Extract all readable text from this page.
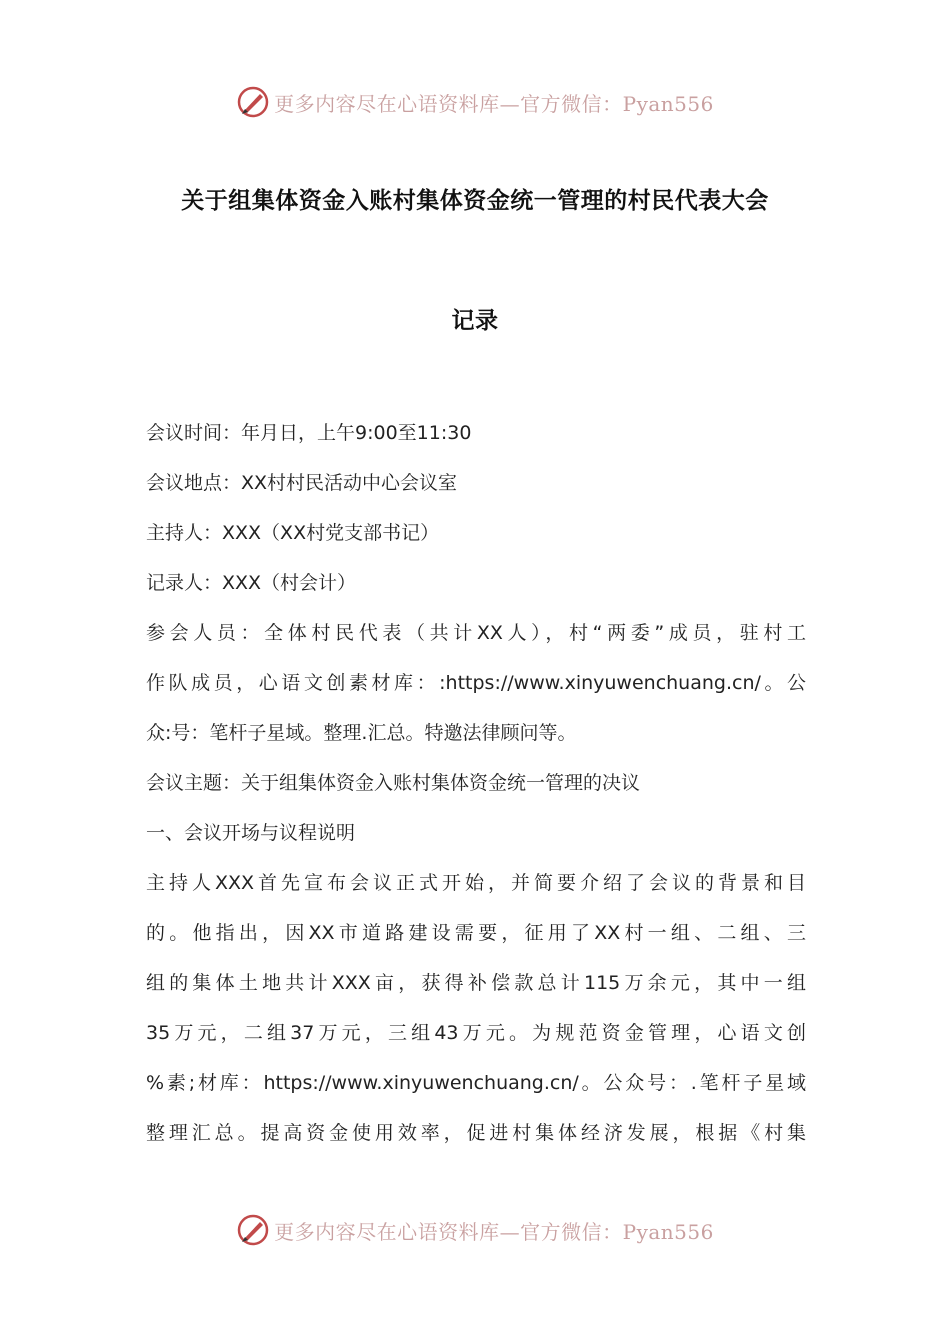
更多内容尽在心语资料库—官方微信：Pyan556
关于组集体资金入账村集体资金统一管理的村民代表大会
记录
会议时间：年月日，上午9:00至11:30
会议地点：XX村村民活动中心会议室
主持人：XXX（XX村党支部书记）
记录人：XXX（村会计）
参会人员：全体村民代表（共计XX人），村“两委”成员，驻村工
作队成员，心语文创素材库：:https://www.xinyuwenchuang.cn/。公
众:号：笔杆子星域。整理.汇总。特邀法律顾问等。
会议主题：关于组集体资金入账村集体资金统一管理的决议
一、会议开场与议程说明
主持人XXX首先宣布会议正式开始，并简要介绍了会议的背景和目
的。他指出，因XX市道路建设需要，征用了XX村一组、二组、三
组的集体土地共计XXX亩，获得补偿款总计115万余元，其中一组
35万元，二组37万元，三组43万元。为规范资金管理，心语文创
%素;材库：https://www.xinyuwenchuang.cn/。公众号：.笔杆子星域
整理汇总。提高资金使用效率，促进村集体经济发展，根据《村集
更多内容尽在心语资料库—官方微信：Pyan556
